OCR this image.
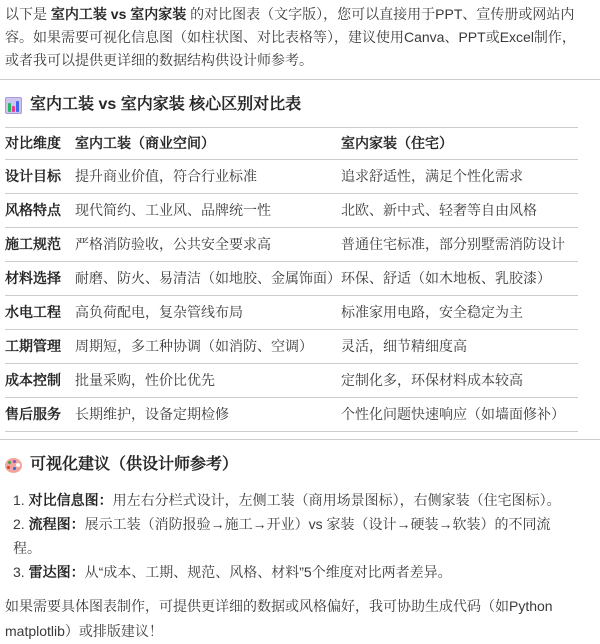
以下是 室内工装 vs 室内家装 的对比图表（文字版），您可以直接用于PPT、宣传册或网站内容。如果需要可视化信息图（如柱状图、对比表格等），建议使用Canva、PPT或Excel制作，或者我可以提供更详细的数据结构供设计师参考。

室内工装 vs 室内家装 核心区别对比表
对比维度	室内工装（商业空间）	室内家装（住宅）
设计目标	提升商业价值，符合行业标准	追求舒适性，满足个性化需求
风格特点	现代简约、工业风、品牌统一性	北欧、新中式、轻奢等自由风格
施工规范	严格消防验收，公共安全要求高	普通住宅标准，部分别墅需消防设计
材料选择	耐磨、防火、易清洁（如地胶、金属饰面）	环保、舒适（如木地板、乳胶漆）
水电工程	高负荷配电，复杂管线布局	标准家用电路，安全稳定为主
工期管理	周期短，多工种协调（如消防、空调）	灵活，细节精细度高
成本控制	批量采购，性价比优先	定制化多，环保材料成本较高
售后服务	长期维护，设备定期检修	个性化问题快速响应（如墙面修补）
可视化建议（供设计师参考）

1. 对比信息图：用左右分栏式设计，左侧工装（商用场景图标），右侧家装（住宅图标）。

2. 流程图：展示工装（消防报验→施工→开业）vs 家装（设计→硬装→软装）的不同流程。

3. 雷达图：从“成本、工期、规范、风格、材料”5个维度对比两者差异。

如果需要具体图表制作，可提供更详细的数据或风格偏好，我可协助生成代码（如Python matplotlib）或排版建议！
